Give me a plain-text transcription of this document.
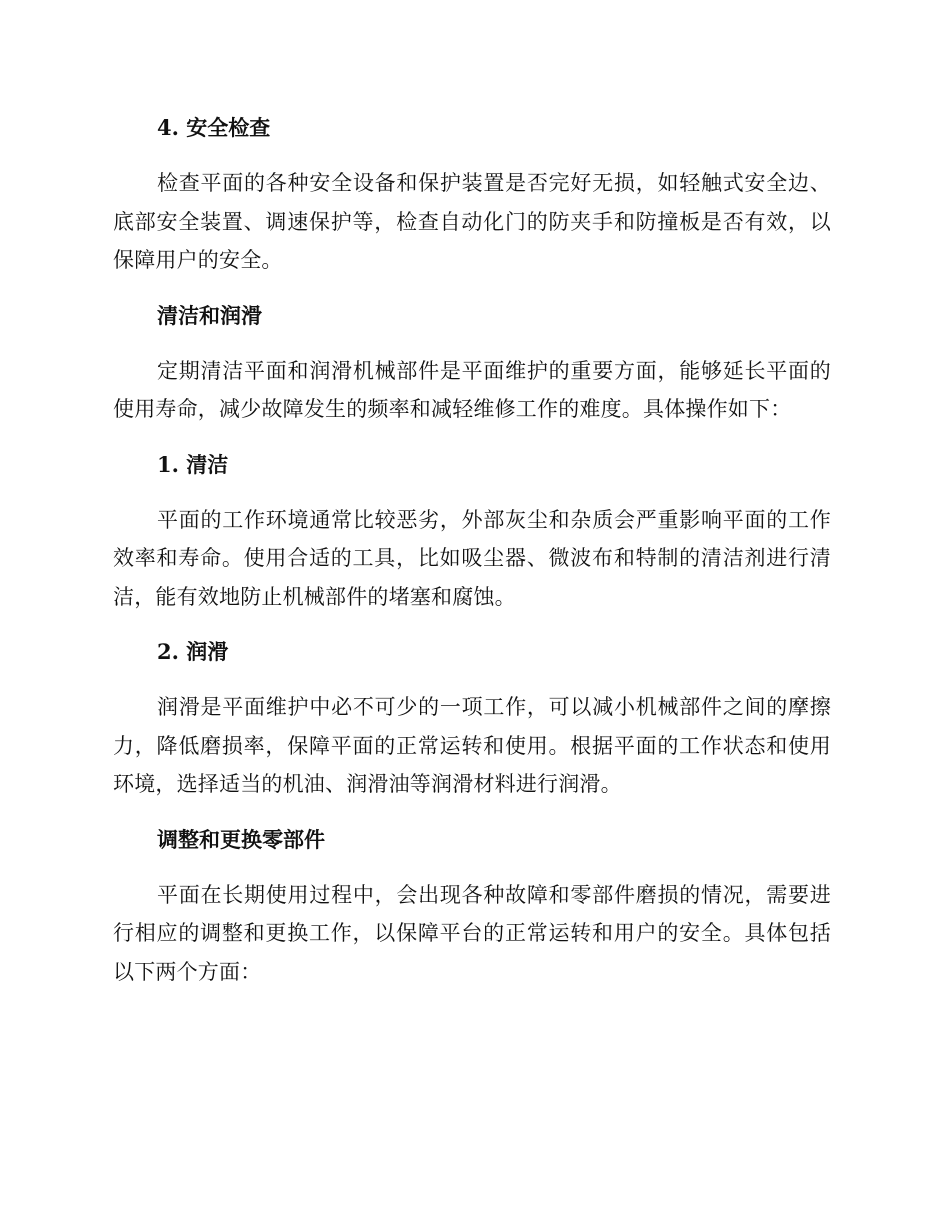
4. 安全检查

检查平面的各种安全设备和保护装置是否完好无损，如轻触式安全边、底部安全装置、调速保护等，检查自动化门的防夹手和防撞板是否有效，以保障用户的安全。

清洁和润滑

定期清洁平面和润滑机械部件是平面维护的重要方面，能够延长平面的使用寿命，减少故障发生的频率和减轻维修工作的难度。具体操作如下：

1. 清洁

平面的工作环境通常比较恶劣，外部灰尘和杂质会严重影响平面的工作效率和寿命。使用合适的工具，比如吸尘器、微波布和特制的清洁剂进行清洁，能有效地防止机械部件的堵塞和腐蚀。

2. 润滑

润滑是平面维护中必不可少的一项工作，可以减小机械部件之间的摩擦力，降低磨损率，保障平面的正常运转和使用。根据平面的工作状态和使用环境，选择适当的机油、润滑油等润滑材料进行润滑。

调整和更换零部件

平面在长期使用过程中，会出现各种故障和零部件磨损的情况，需要进行相应的调整和更换工作，以保障平台的正常运转和用户的安全。具体包括以下两个方面：
